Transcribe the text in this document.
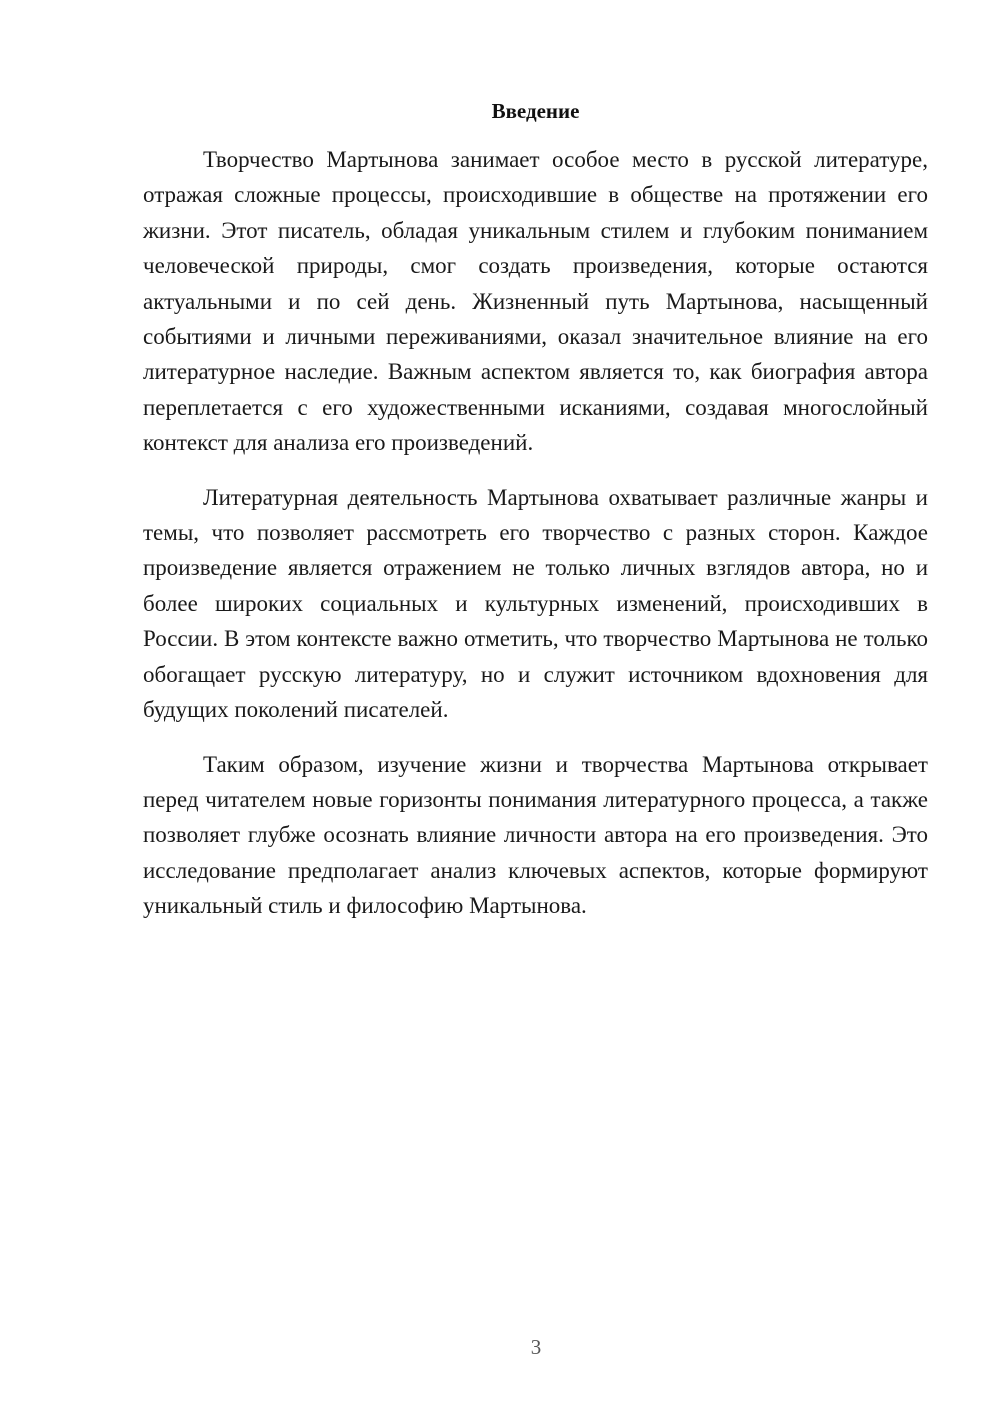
Введение

Творчество Мартынова занимает особое место в русской литературе, отражая сложные процессы, происходившие в обществе на протяжении его жизни. Этот писатель, обладая уникальным стилем и глубоким пониманием человеческой природы, смог создать произведения, которые остаются актуальными и по сей день. Жизненный путь Мартынова, насыщенный событиями и личными переживаниями, оказал значительное влияние на его литературное наследие. Важным аспектом является то, как биография автора переплетается с его художественными исканиями, создавая многослойный контекст для анализа его произведений.

Литературная деятельность Мартынова охватывает различные жанры и темы, что позволяет рассмотреть его творчество с разных сторон. Каждое произведение является отражением не только личных взглядов автора, но и более широких социальных и культурных изменений, происходивших в России. В этом контексте важно отметить, что творчество Мартынова не только обогащает русскую литературу, но и служит источником вдохновения для будущих поколений писателей.

Таким образом, изучение жизни и творчества Мартынова открывает перед читателем новые горизонты понимания литературного процесса, а также позволяет глубже осознать влияние личности автора на его произведения. Это исследование предполагает анализ ключевых аспектов, которые формируют уникальный стиль и философию Мартынова.

3
